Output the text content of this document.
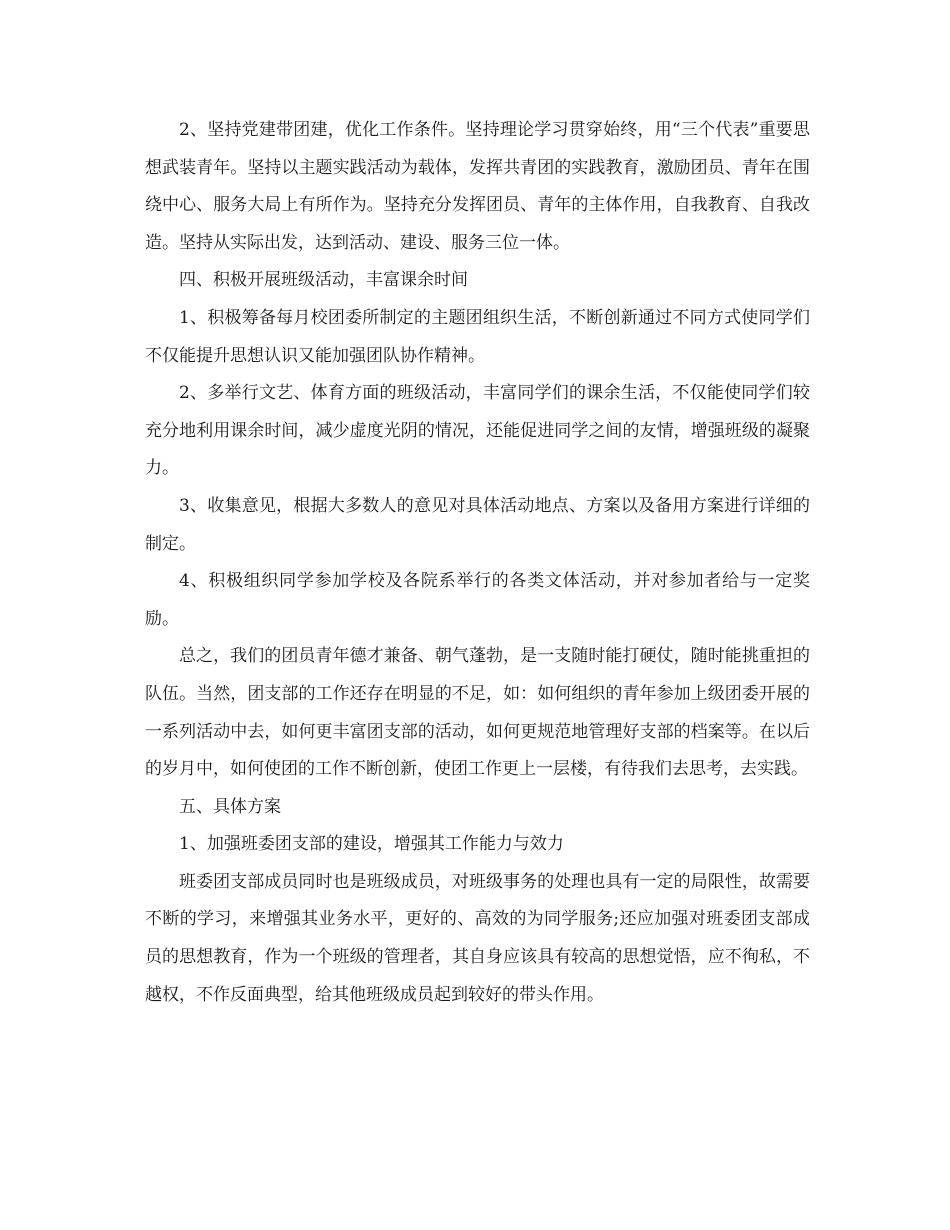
2、坚持党建带团建，优化工作条件。坚持理论学习贯穿始终，用“三个代表”重要思想武装青年。坚持以主题实践活动为载体，发挥共青团的实践教育，激励团员、青年在围绕中心、服务大局上有所作为。坚持充分发挥团员、青年的主体作用，自我教育、自我改造。坚持从实际出发，达到活动、建设、服务三位一体。

四、积极开展班级活动，丰富课余时间

1、积极筹备每月校团委所制定的主题团组织生活，不断创新通过不同方式使同学们不仅能提升思想认识又能加强团队协作精神。

2、多举行文艺、体育方面的班级活动，丰富同学们的课余生活，不仅能使同学们较充分地利用课余时间，减少虚度光阴的情况，还能促进同学之间的友情，增强班级的凝聚力。

3、收集意见，根据大多数人的意见对具体活动地点、方案以及备用方案进行详细的制定。

4、积极组织同学参加学校及各院系举行的各类文体活动，并对参加者给与一定奖励。

总之，我们的团员青年德才兼备、朝气蓬勃，是一支随时能打硬仗，随时能挑重担的队伍。当然，团支部的工作还存在明显的不足，如：如何组织的青年参加上级团委开展的一系列活动中去，如何更丰富团支部的活动，如何更规范地管理好支部的档案等。在以后的岁月中，如何使团的工作不断创新，使团工作更上一层楼，有待我们去思考，去实践。

五、具体方案

1、加强班委团支部的建设，增强其工作能力与效力

班委团支部成员同时也是班级成员，对班级事务的处理也具有一定的局限性，故需要不断的学习，来增强其业务水平，更好的、高效的为同学服务;还应加强对班委团支部成员的思想教育，作为一个班级的管理者，其自身应该具有较高的思想觉悟，应不徇私，不越权，不作反面典型，给其他班级成员起到较好的带头作用。
